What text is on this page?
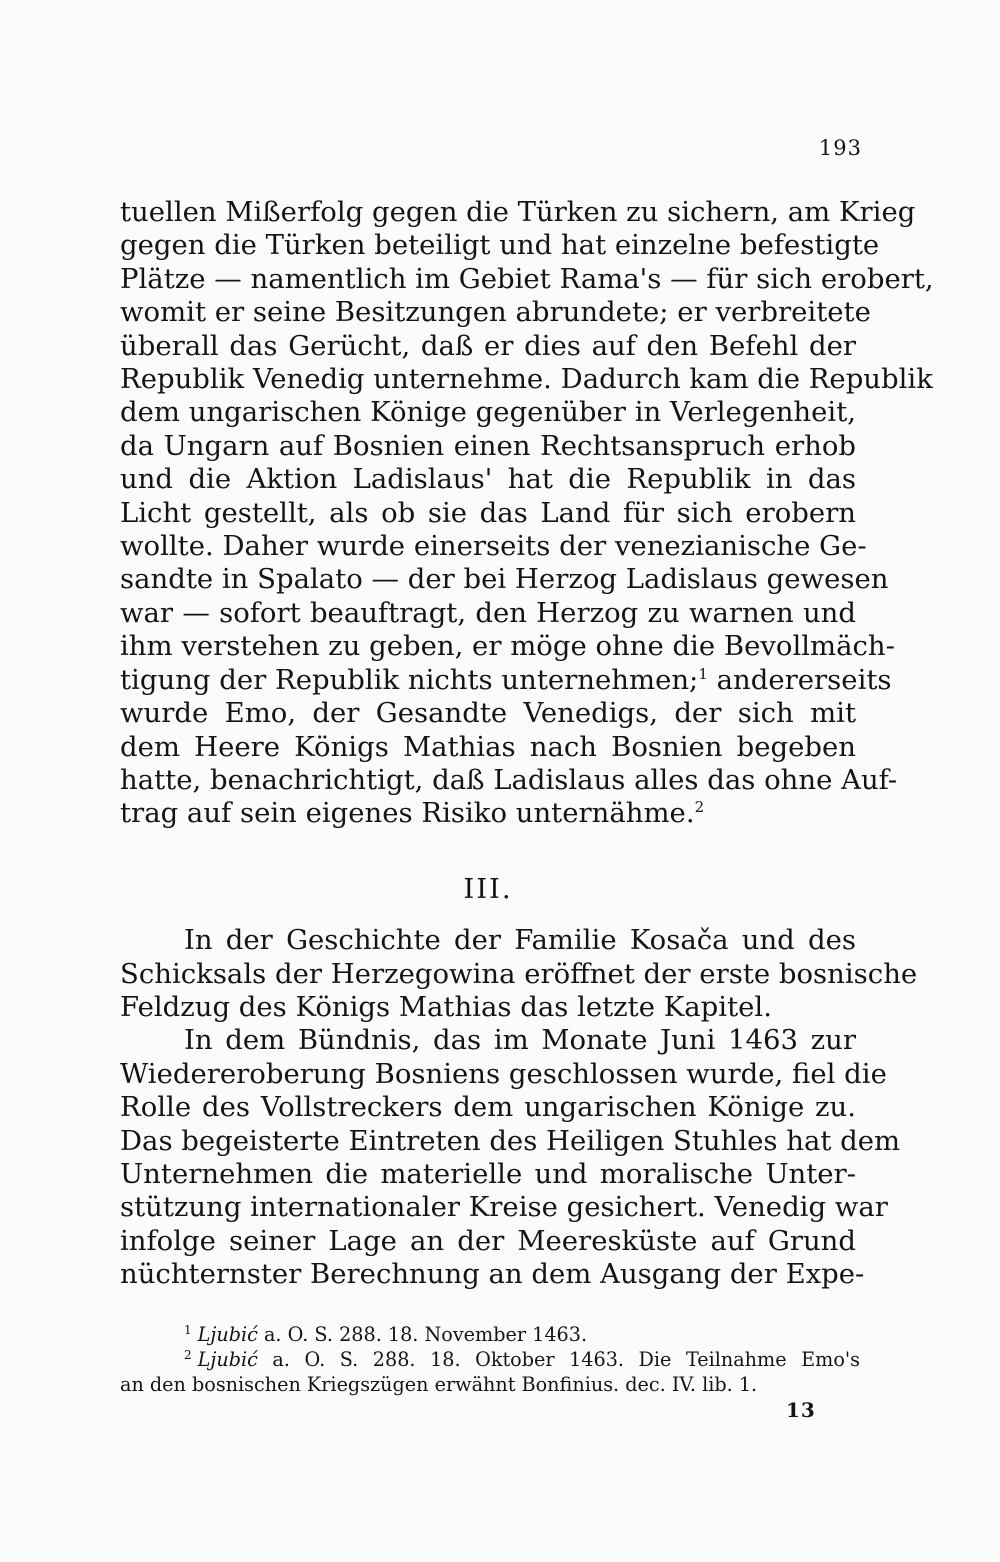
193
tuellen Mißerfolg gegen die Türken zu sichern, am Krieg
gegen die Türken beteiligt und hat einzelne befestigte
Plätze — namentlich im Gebiet Rama's — für sich erobert,
womit er seine Besitzungen abrundete; er verbreitete
überall das Gerücht, daß er dies auf den Befehl der
Republik Venedig unternehme. Dadurch kam die Republik
dem ungarischen Könige gegenüber in Verlegenheit,
da Ungarn auf Bosnien einen Rechtsanspruch erhob
und die Aktion Ladislaus' hat die Republik in das
Licht gestellt, als ob sie das Land für sich erobern
wollte. Daher wurde einerseits der venezianische Ge-
sandte in Spalato — der bei Herzog Ladislaus gewesen
war — sofort beauftragt, den Herzog zu warnen und
ihm verstehen zu geben, er möge ohne die Bevollmäch-
tigung der Republik nichts unternehmen;$^1$ andererseits
wurde Emo, der Gesandte Venedigs, der sich mit
dem Heere Königs Mathias nach Bosnien begeben
hatte, benachrichtigt, daß Ladislaus alles das ohne Auf-
trag auf sein eigenes Risiko unternähme.$^2$
III.
In der Geschichte der Familie Kosača und des
Schicksals der Herzegowina eröffnet der erste bosnische
Feldzug des Königs Mathias das letzte Kapitel.
In dem Bündnis, das im Monate Juni 1463 zur
Wiedereroberung Bosniens geschlossen wurde, fiel die
Rolle des Vollstreckers dem ungarischen Könige zu.
Das begeisterte Eintreten des Heiligen Stuhles hat dem
Unternehmen die materielle und moralische Unter-
stützung internationaler Kreise gesichert. Venedig war
infolge seiner Lage an der Meeresküste auf Grund
nüchternster Berechnung an dem Ausgang der Expe-
$^1$ Ljubić a. O. S. 288. 18. November 1463.
$^2$ Ljubić a. O. S. 288. 18. Oktober 1463. Die Teilnahme Emo's
an den bosnischen Kriegszügen erwähnt Bonfinius. dec. IV. lib. 1.
13
